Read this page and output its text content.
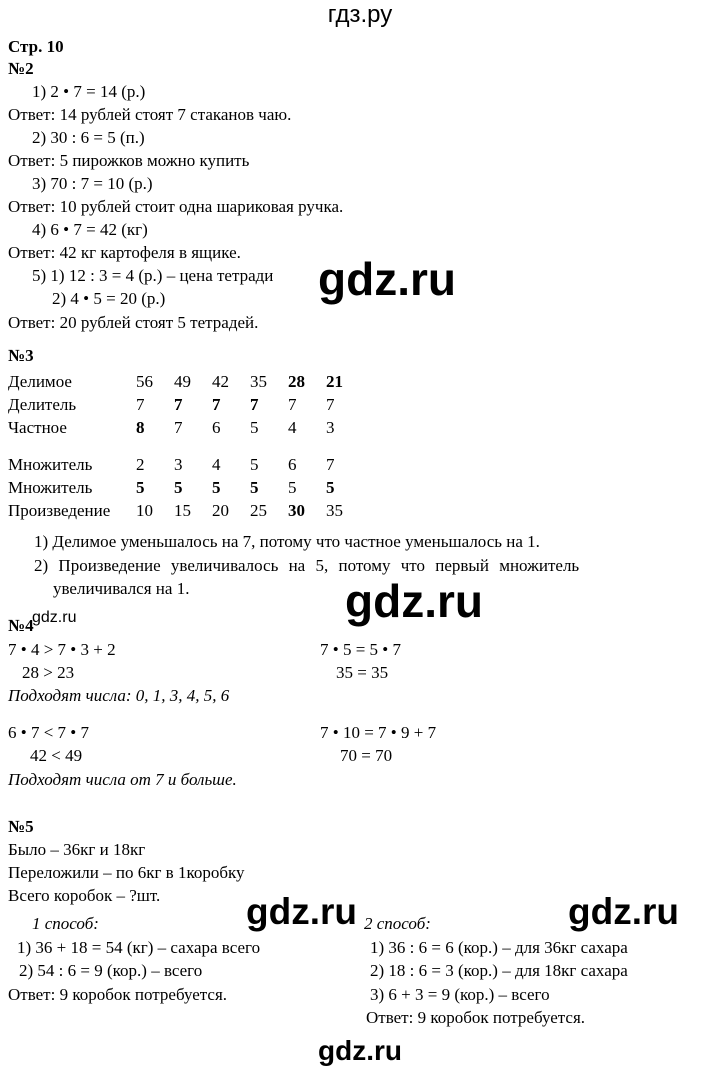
гдз.ру
Стр. 10
№2
1) 2 • 7 = 14 (р.)
Ответ: 14 рублей стоят 7 стаканов чаю.
2) 30 : 6 = 5 (п.)
Ответ: 5 пирожков можно купить
3) 70 : 7 = 10 (р.)
Ответ: 10 рублей стоит одна шариковая ручка.
4) 6 • 7 = 42 (кг)
Ответ: 42 кг картофеля в ящике.
5) 1) 12 : 3 = 4 (р.) – цена тетради
2) 4 • 5 = 20 (р.)
Ответ: 20 рублей стоят 5 тетрадей.
gdz.ru
№3
Делимое	56	49	42	35	28	21
Делитель	7	7	7	7	7	7
Частное	8	7	6	5	4	3
Множитель	2	3	4	5	6	7
Множитель	5	5	5	5	5	5
Произведение	10	15	20	25	30	35
1) Делимое уменьшалось на 7, потому что частное уменьшалось на 1.
2) Произведение увеличивалось на 5, потому что первый множитель
увеличивался на 1.	gdz.ru
№4
gdz.ru
7 • 4 > 7 • 3 + 2
28 > 23
7 • 5 = 5 • 7
35 = 35
Подходят числа: 0, 1, 3, 4, 5, 6
6 • 7 < 7 • 7
42 < 49
7 • 10 = 7 • 9 + 7
70 = 70
Подходят числа от 7 и больше.
№5
Было – 36кг и 18кг
Переложили – по 6кг в 1коробку
Всего коробок – ?шт.
1 способ:
1) 36 + 18 = 54 (кг) – сахара всего
2) 54 : 6 = 9 (кор.) – всего
Ответ: 9 коробок потребуется.
2 способ:
1) 36 : 6 = 6 (кор.) – для 36кг сахара
2) 18 : 6 = 3 (кор.) – для 18кг сахара
3) 6 + 3 = 9 (кор.) – всего
Ответ: 9 коробок потребуется.
gdz.ru	gdz.ru
gdz.ru
